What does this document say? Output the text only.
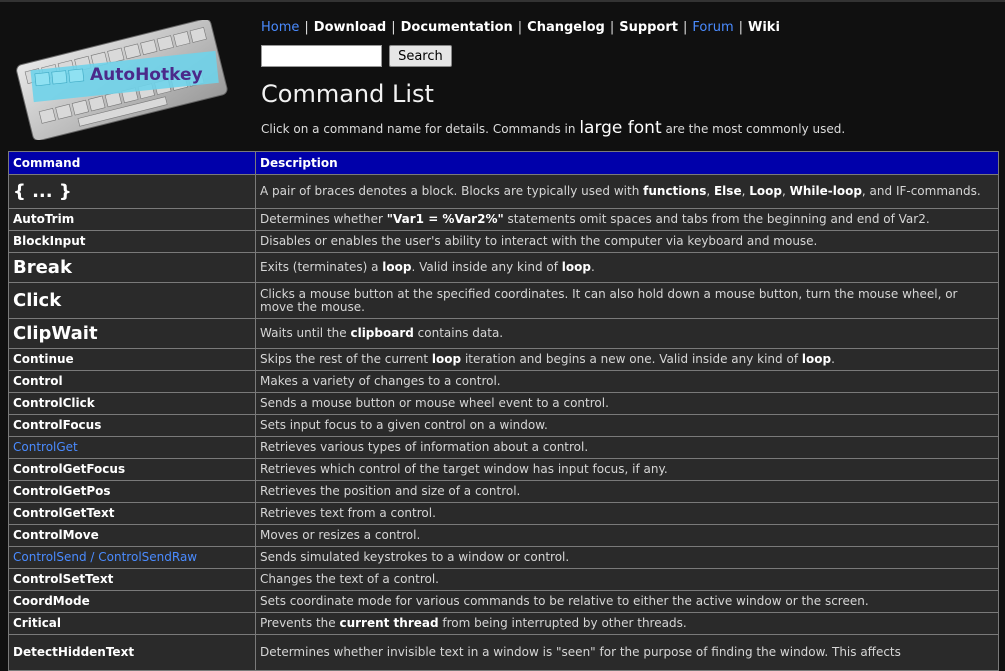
AutoHotkey
Home | Download | Documentation | Changelog | Support | Forum | Wiki
Search
Command List

Click on a command name for details. Commands in large font are the most commonly used.

Command	Description
{ ... }	A pair of braces denotes a block. Blocks are typically used with functions, Else, Loop, While-loop, and IF-commands.
AutoTrim	Determines whether "Var1 = %Var2%" statements omit spaces and tabs from the beginning and end of Var2.
BlockInput	Disables or enables the user's ability to interact with the computer via keyboard and mouse.
Break	Exits (terminates) a loop. Valid inside any kind of loop.
Click	Clicks a mouse button at the specified coordinates. It can also hold down a mouse button, turn the mouse wheel, or move the mouse.
ClipWait	Waits until the clipboard contains data.
Continue	Skips the rest of the current loop iteration and begins a new one. Valid inside any kind of loop.
Control	Makes a variety of changes to a control.
ControlClick	Sends a mouse button or mouse wheel event to a control.
ControlFocus	Sets input focus to a given control on a window.
ControlGet	Retrieves various types of information about a control.
ControlGetFocus	Retrieves which control of the target window has input focus, if any.
ControlGetPos	Retrieves the position and size of a control.
ControlGetText	Retrieves text from a control.
ControlMove	Moves or resizes a control.
ControlSend / ControlSendRaw	Sends simulated keystrokes to a window or control.
ControlSetText	Changes the text of a control.
CoordMode	Sets coordinate mode for various commands to be relative to either the active window or the screen.
Critical	Prevents the current thread from being interrupted by other threads.
DetectHiddenText	Determines whether invisible text in a window is "seen" for the purpose of finding the window. This affects
